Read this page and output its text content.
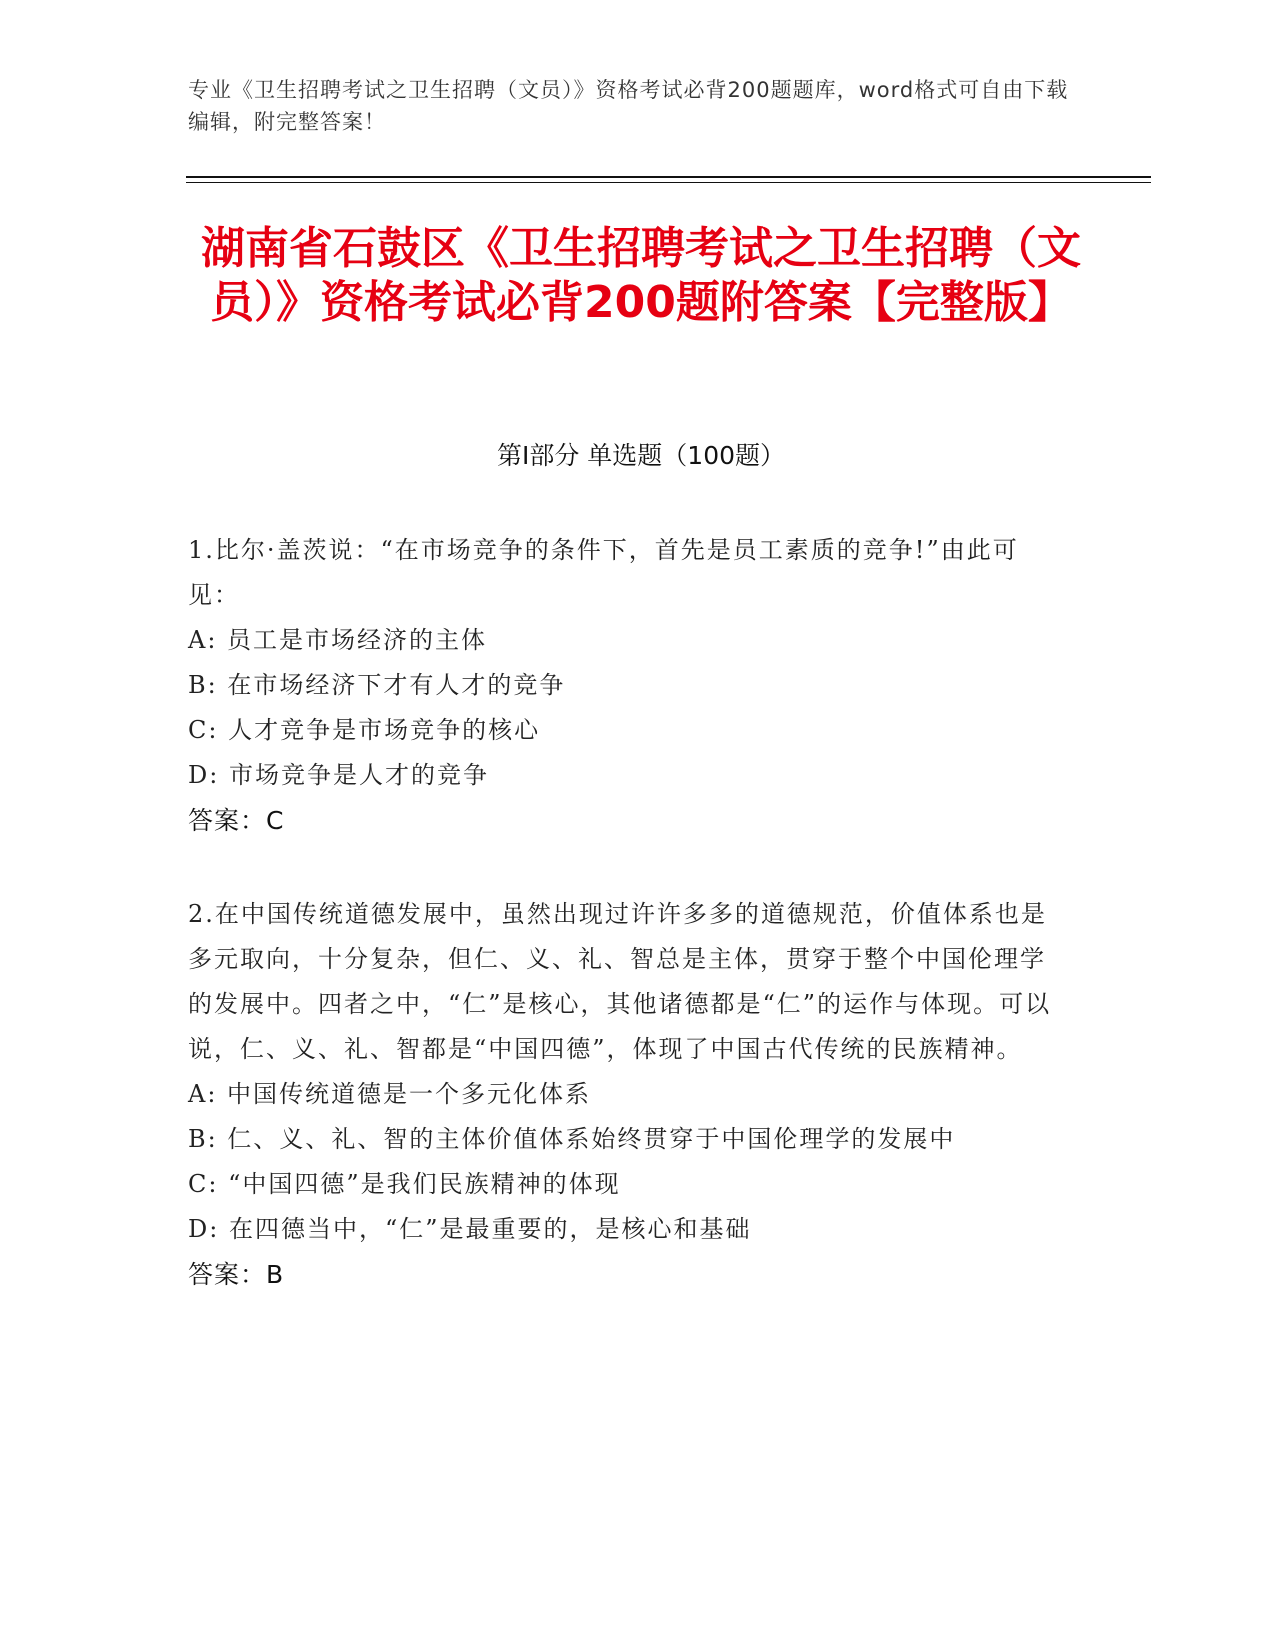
专业《卫生招聘考试之卫生招聘（文员）》资格考试必背200题题库，word格式可自由下载编辑，附完整答案！
湖南省石鼓区《卫生招聘考试之卫生招聘（文员）》资格考试必背200题附答案【完整版】
第Ⅰ部分 单选题（100题）
1.比尔·盖茨说：“在市场竞争的条件下，首先是员工素质的竞争!”由此可见：
A: 员工是市场经济的主体
B: 在市场经济下才有人才的竞争
C: 人才竞争是市场竞争的核心
D: 市场竞争是人才的竞争
答案：C
2.在中国传统道德发展中，虽然出现过许许多多的道德规范，价值体系也是多元取向，十分复杂，但仁、义、礼、智总是主体，贯穿于整个中国伦理学的发展中。四者之中，“仁”是核心，其他诸德都是“仁”的运作与体现。可以说，仁、义、礼、智都是“中国四德”，体现了中国古代传统的民族精神。
A: 中国传统道德是一个多元化体系
B: 仁、义、礼、智的主体价值体系始终贯穿于中国伦理学的发展中
C: “中国四德”是我们民族精神的体现
D: 在四德当中，“仁”是最重要的，是核心和基础
答案：B
